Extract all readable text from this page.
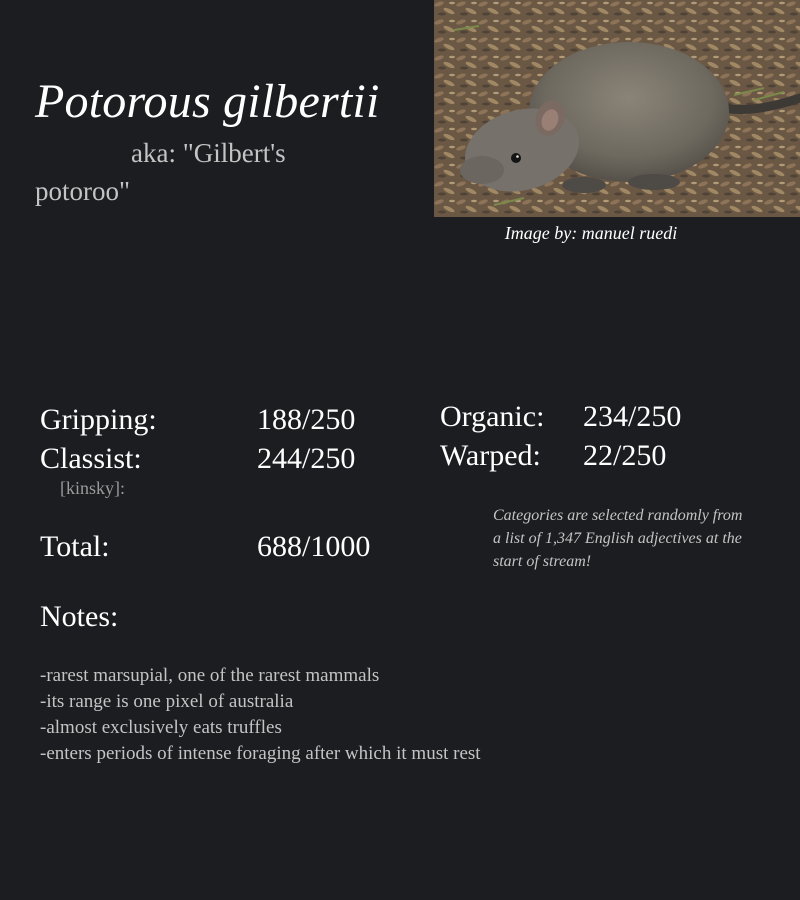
Potorous gilbertii
aka: "Gilbert's potoroo"
Image by: manuel ruedi
Gripping:	188/250
Classist:	244/250
[kinsky]:
Organic: 234/250
Warped: 22/250
Total:	688/1000
Categories are selected randomly from a list of 1,347 English adjectives at the start of stream!
Notes:
-rarest marsupial, one of the rarest mammals
-its range is one pixel of australia
-almost exclusively eats truffles
-enters periods of intense foraging after which it must rest
